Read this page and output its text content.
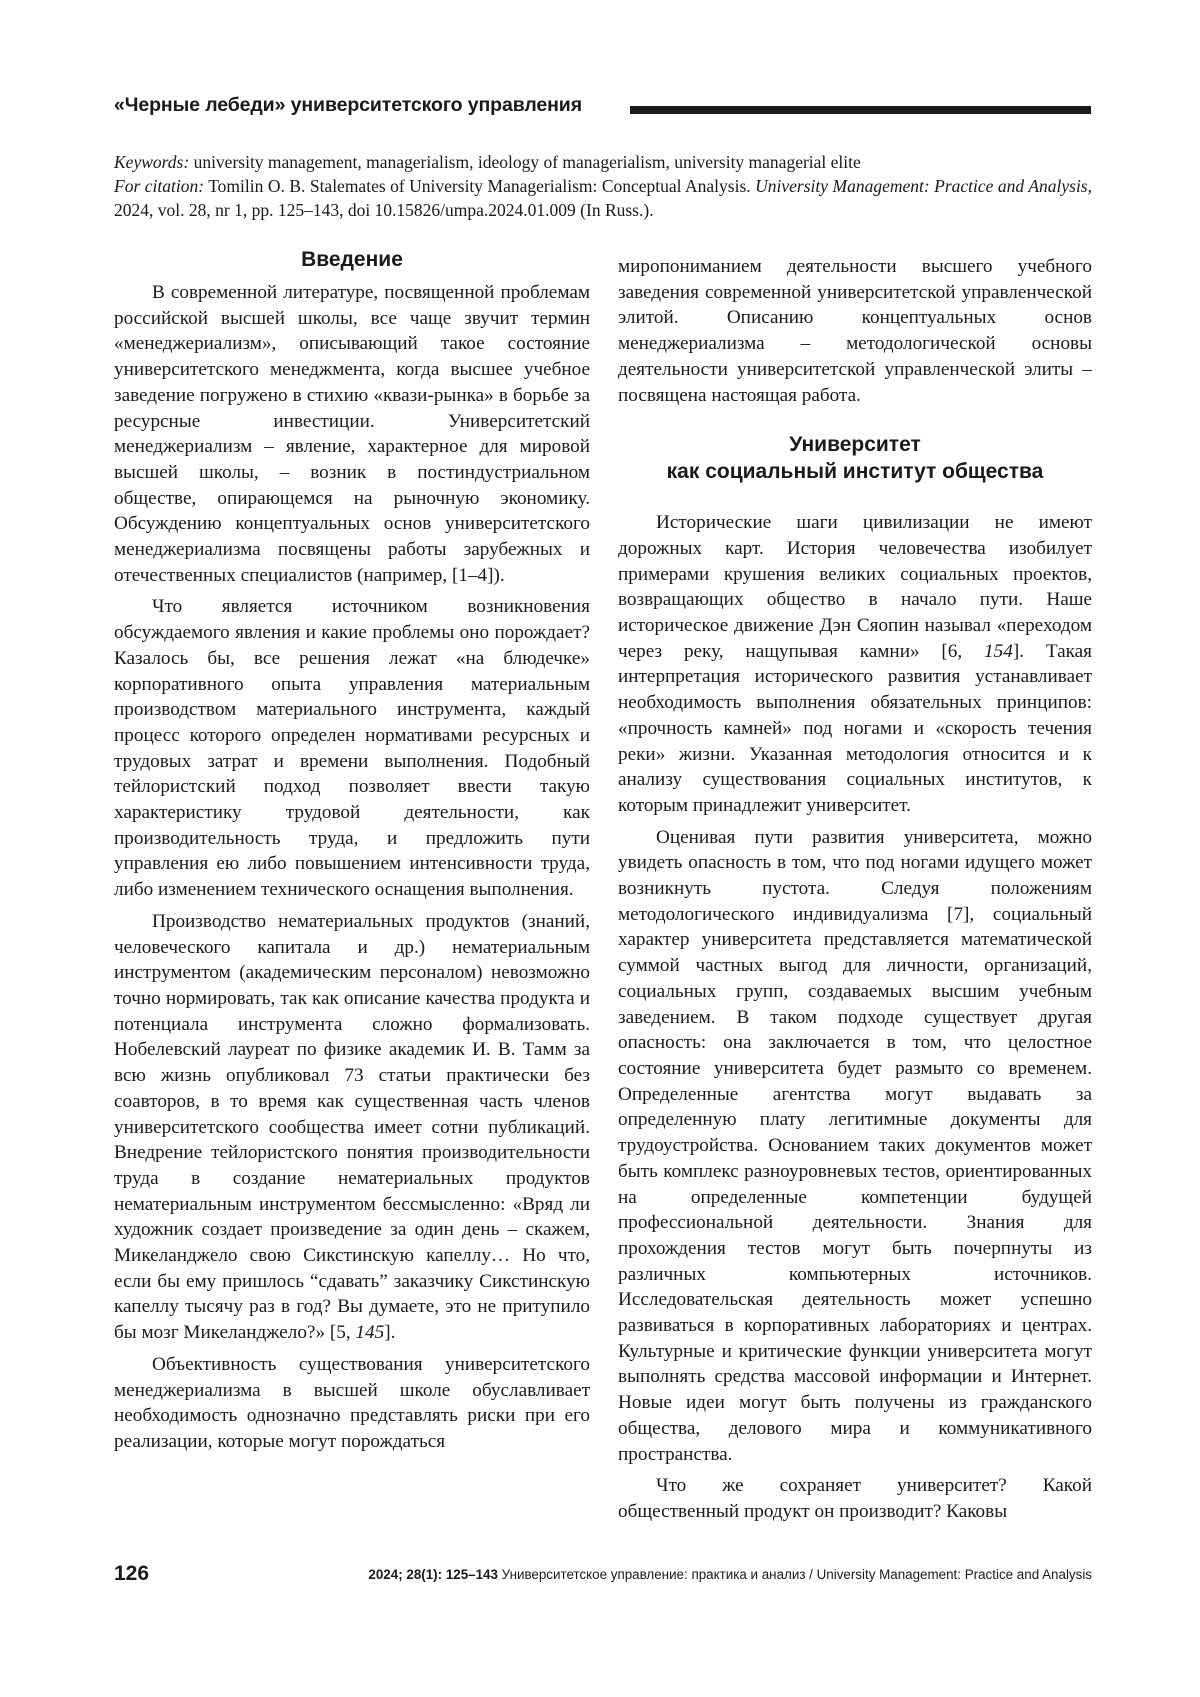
«Черные лебеди» университетского управления

Keywords: university management, managerialism, ideology of managerialism, university managerial elite

For citation: Tomilin O. B. Stalemates of University Managerialism: Conceptual Analysis. University Management: Practice and Analysis, 2024, vol. 28, nr 1, pp. 125–143, doi 10.15826/umpa.2024.01.009 (In Russ.).

Введение

В современной литературе, посвященной проблемам российской высшей школы, все чаще звучит термин «менеджериализм», описывающий такое состояние университетского менеджмента, когда высшее учебное заведение погружено в стихию «квази-рынка» в борьбе за ресурсные инвестиции. Университетский менеджериализм – явление, характерное для мировой высшей школы, – возник в постиндустриальном обществе, опирающемся на рыночную экономику. Обсуждению концептуальных основ университетского менеджериализма посвящены работы зарубежных и отечественных специалистов (например, [1–4]).

Что является источником возникновения обсуждаемого явления и какие проблемы оно порождает? Казалось бы, все решения лежат «на блюдечке» корпоративного опыта управления материальным производством материального инструмента, каждый процесс которого определен нормативами ресурсных и трудовых затрат и времени выполнения. Подобный тейлористский подход позволяет ввести такую характеристику трудовой деятельности, как производительность труда, и предложить пути управления ею либо повышением интенсивности труда, либо изменением технического оснащения выполнения.

Производство нематериальных продуктов (знаний, человеческого капитала и др.) нематериальным инструментом (академическим персоналом) невозможно точно нормировать, так как описание качества продукта и потенциала инструмента сложно формализовать. Нобелевский лауреат по физике академик И. В. Тамм за всю жизнь опубликовал 73 статьи практически без соавторов, в то время как существенная часть членов университетского сообщества имеет сотни публикаций. Внедрение тейлористского понятия производительности труда в создание нематериальных продуктов нематериальным инструментом бессмысленно: «Вряд ли художник создает произведение за один день – скажем, Микеланджело свою Сикстинскую капеллу… Но что, если бы ему пришлось “сдавать” заказчику Сикстинскую капеллу тысячу раз в год? Вы думаете, это не притупило бы мозг Микеланджело?» [5, 145].

Объективность существования университетского менеджериализма в высшей школе обуславливает необходимость однозначно представлять риски при его реализации, которые могут порождаться

миропониманием деятельности высшего учебного заведения современной университетской управленческой элитой. Описанию концептуальных основ менеджериализма – методологической основы деятельности университетской управленческой элиты – посвящена настоящая работа.

Университет
как социальный институт общества

Исторические шаги цивилизации не имеют дорожных карт. История человечества изобилует примерами крушения великих социальных проектов, возвращающих общество в начало пути. Наше историческое движение Дэн Сяопин называл «переходом через реку, нащупывая камни» [6, 154]. Такая интерпретация исторического развития устанавливает необходимость выполнения обязательных принципов: «прочность камней» под ногами и «скорость течения реки» жизни. Указанная методология относится и к анализу существования социальных институтов, к которым принадлежит университет.

Оценивая пути развития университета, можно увидеть опасность в том, что под ногами идущего может возникнуть пустота. Следуя положениям методологического индивидуализма [7], социальный характер университета представляется математической суммой частных выгод для личности, организаций, социальных групп, создаваемых высшим учебным заведением. В таком подходе существует другая опасность: она заключается в том, что целостное состояние университета будет размыто со временем. Определенные агентства могут выдавать за определенную плату легитимные документы для трудоустройства. Основанием таких документов может быть комплекс разноуровневых тестов, ориентированных на определенные компетенции будущей профессиональной деятельности. Знания для прохождения тестов могут быть почерпнуты из различных компьютерных источников. Исследовательская деятельность может успешно развиваться в корпоративных лабораториях и центрах. Культурные и критические функции университета могут выполнять средства массовой информации и Интернет. Новые идеи могут быть получены из гражданского общества, делового мира и коммуникативного пространства.

Что же сохраняет университет? Какой общественный продукт он производит? Каковы

126	2024; 28(1): 125–143 Университетское управление: практика и анализ / University Management: Practice and Analysis
